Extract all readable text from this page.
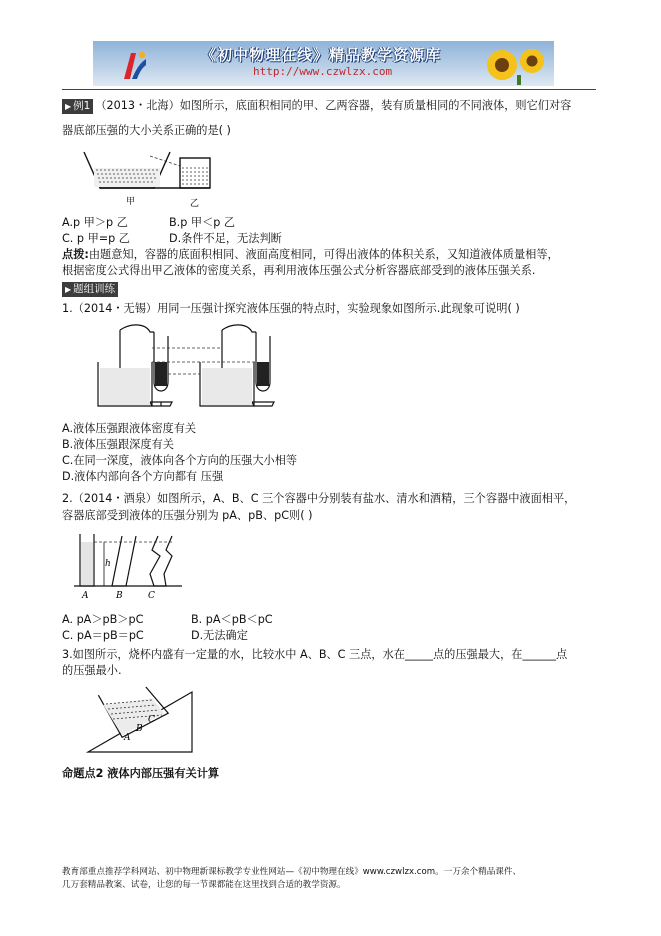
《初中物理在线》精品教学资源库
http://www.czwlzx.com
▶ 例1 （2013・北海）如图所示，底面积相同的甲、乙两容器，装有质量相同的不同液体，则它们对容
器底部压强的大小关系正确的是( )
甲	乙
A.p 甲＞p 乙	B.p 甲＜p 乙
C. p 甲=p 乙	D.条件不足，无法判断
点拨:由题意知，容器的底面积相同、液面高度相同，可得出液体的体积关系，又知道液体质量相等，
根据密度公式得出甲乙液体的密度关系，再利用液体压强公式分析容器底部受到的液体压强关系.
▶ 题组训练
1.（2014・无锡）用同一压强计探究液体压强的特点时，实验现象如图所示.此现象可说明( )
A.液体压强跟液体密度有关
B.液体压强跟深度有关
C.在同一深度，液体向各个方向的压强大小相等
D.液体内部向各个方向都有 压强
2.（2014・酒泉）如图所示，A、B、C 三个容器中分别装有盐水、清水和酒精，三个容器中液面相平，
容器底部受到液体的压强分别为 pA、pB、pC则( )
h
A	B	C
A. pA＞pB＞pC	B. pA＜pB＜pC
C. pA＝pB＝pC	D.无法确定
3.如图所示，烧杯内盛有一定量的水，比较水中 A、B、C 三点，水在_____点的压强最大，在______点
的压强最小.
A
B
C
命题点2 液体内部压强有关计算
教育部重点推荐学科网站、初中物理新课标教学专业性网站—《初中物理在线》www.czwlzx.com。一万余个精品课件、
几万套精品教案、试卷，让您的每一节课都能在这里找到合适的教学资源。
